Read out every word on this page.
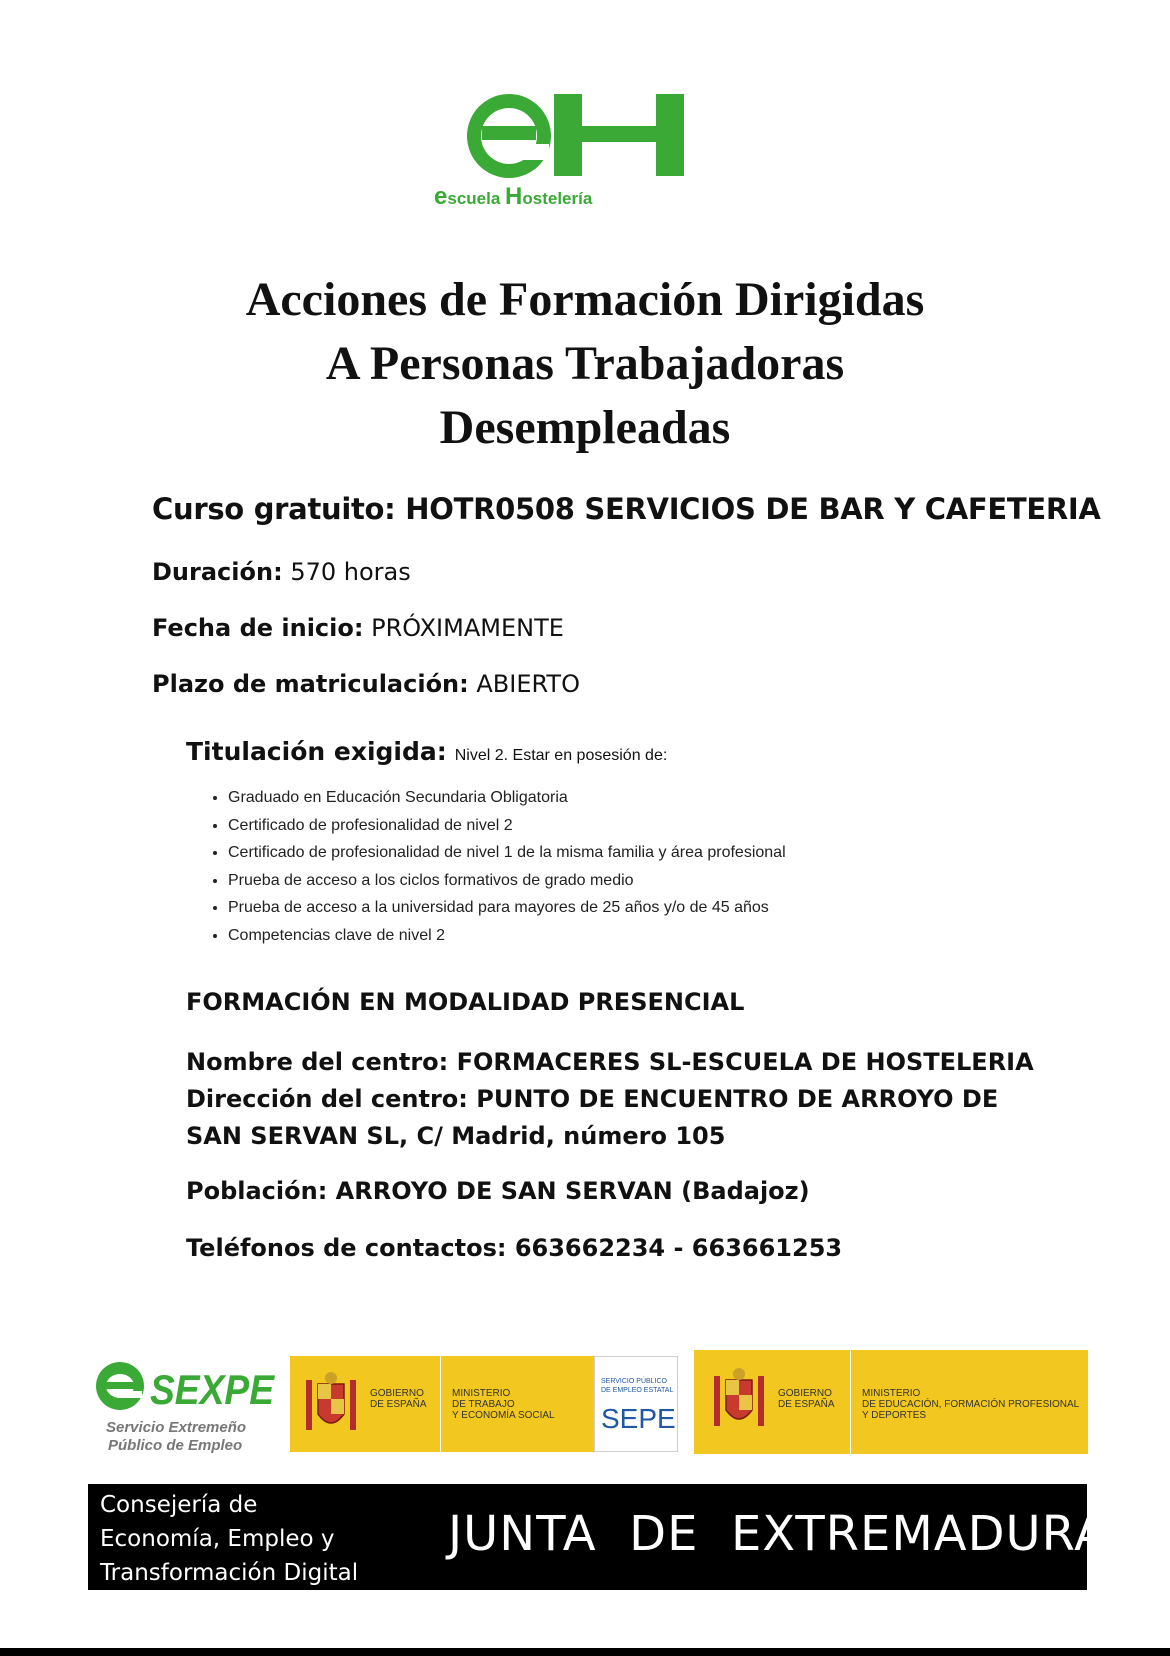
escuela Hostelería
Acciones de Formación Dirigidas
A Personas Trabajadoras
Desempleadas
Curso gratuito: HOTR0508 SERVICIOS DE BAR Y CAFETERIA
Duración: 570 horas
Fecha de inicio: PRÓXIMAMENTE
Plazo de matriculación: ABIERTO
Titulación exigida: Nivel 2. Estar en posesión de:
• Graduado en Educación Secundaria Obligatoria
• Certificado de profesionalidad de nivel 2
• Certificado de profesionalidad de nivel 1 de la misma familia y área profesional
• Prueba de acceso a los ciclos formativos de grado medio
• Prueba de acceso a la universidad para mayores de 25 años y/o de 45 años
• Competencias clave de nivel 2
FORMACIÓN EN MODALIDAD PRESENCIAL
Nombre del centro: FORMACERES SL-ESCUELA DE HOSTELERIA
Dirección del centro: PUNTO DE ENCUENTRO DE ARROYO DE
SAN SERVAN SL, C/ Madrid, número 105
Población: ARROYO DE SAN SERVAN (Badajoz)
Teléfonos de contactos: 663662234 - 663661253
SEXPE
Servicio Extremeño
Público de Empleo
GOBIERNO
DE ESPAÑA
MINISTERIO
DE TRABAJO
Y ECONOMÍA SOCIAL
SERVICIO PÚBLICO
DE EMPLEO ESTATAL
SEPE
GOBIERNO
DE ESPAÑA
MINISTERIO
DE EDUCACIÓN, FORMACIÓN PROFESIONAL
Y DEPORTES
Consejería de
Economía, Empleo y
Transformación Digital
JUNTA  DE  EXTREMADURA
